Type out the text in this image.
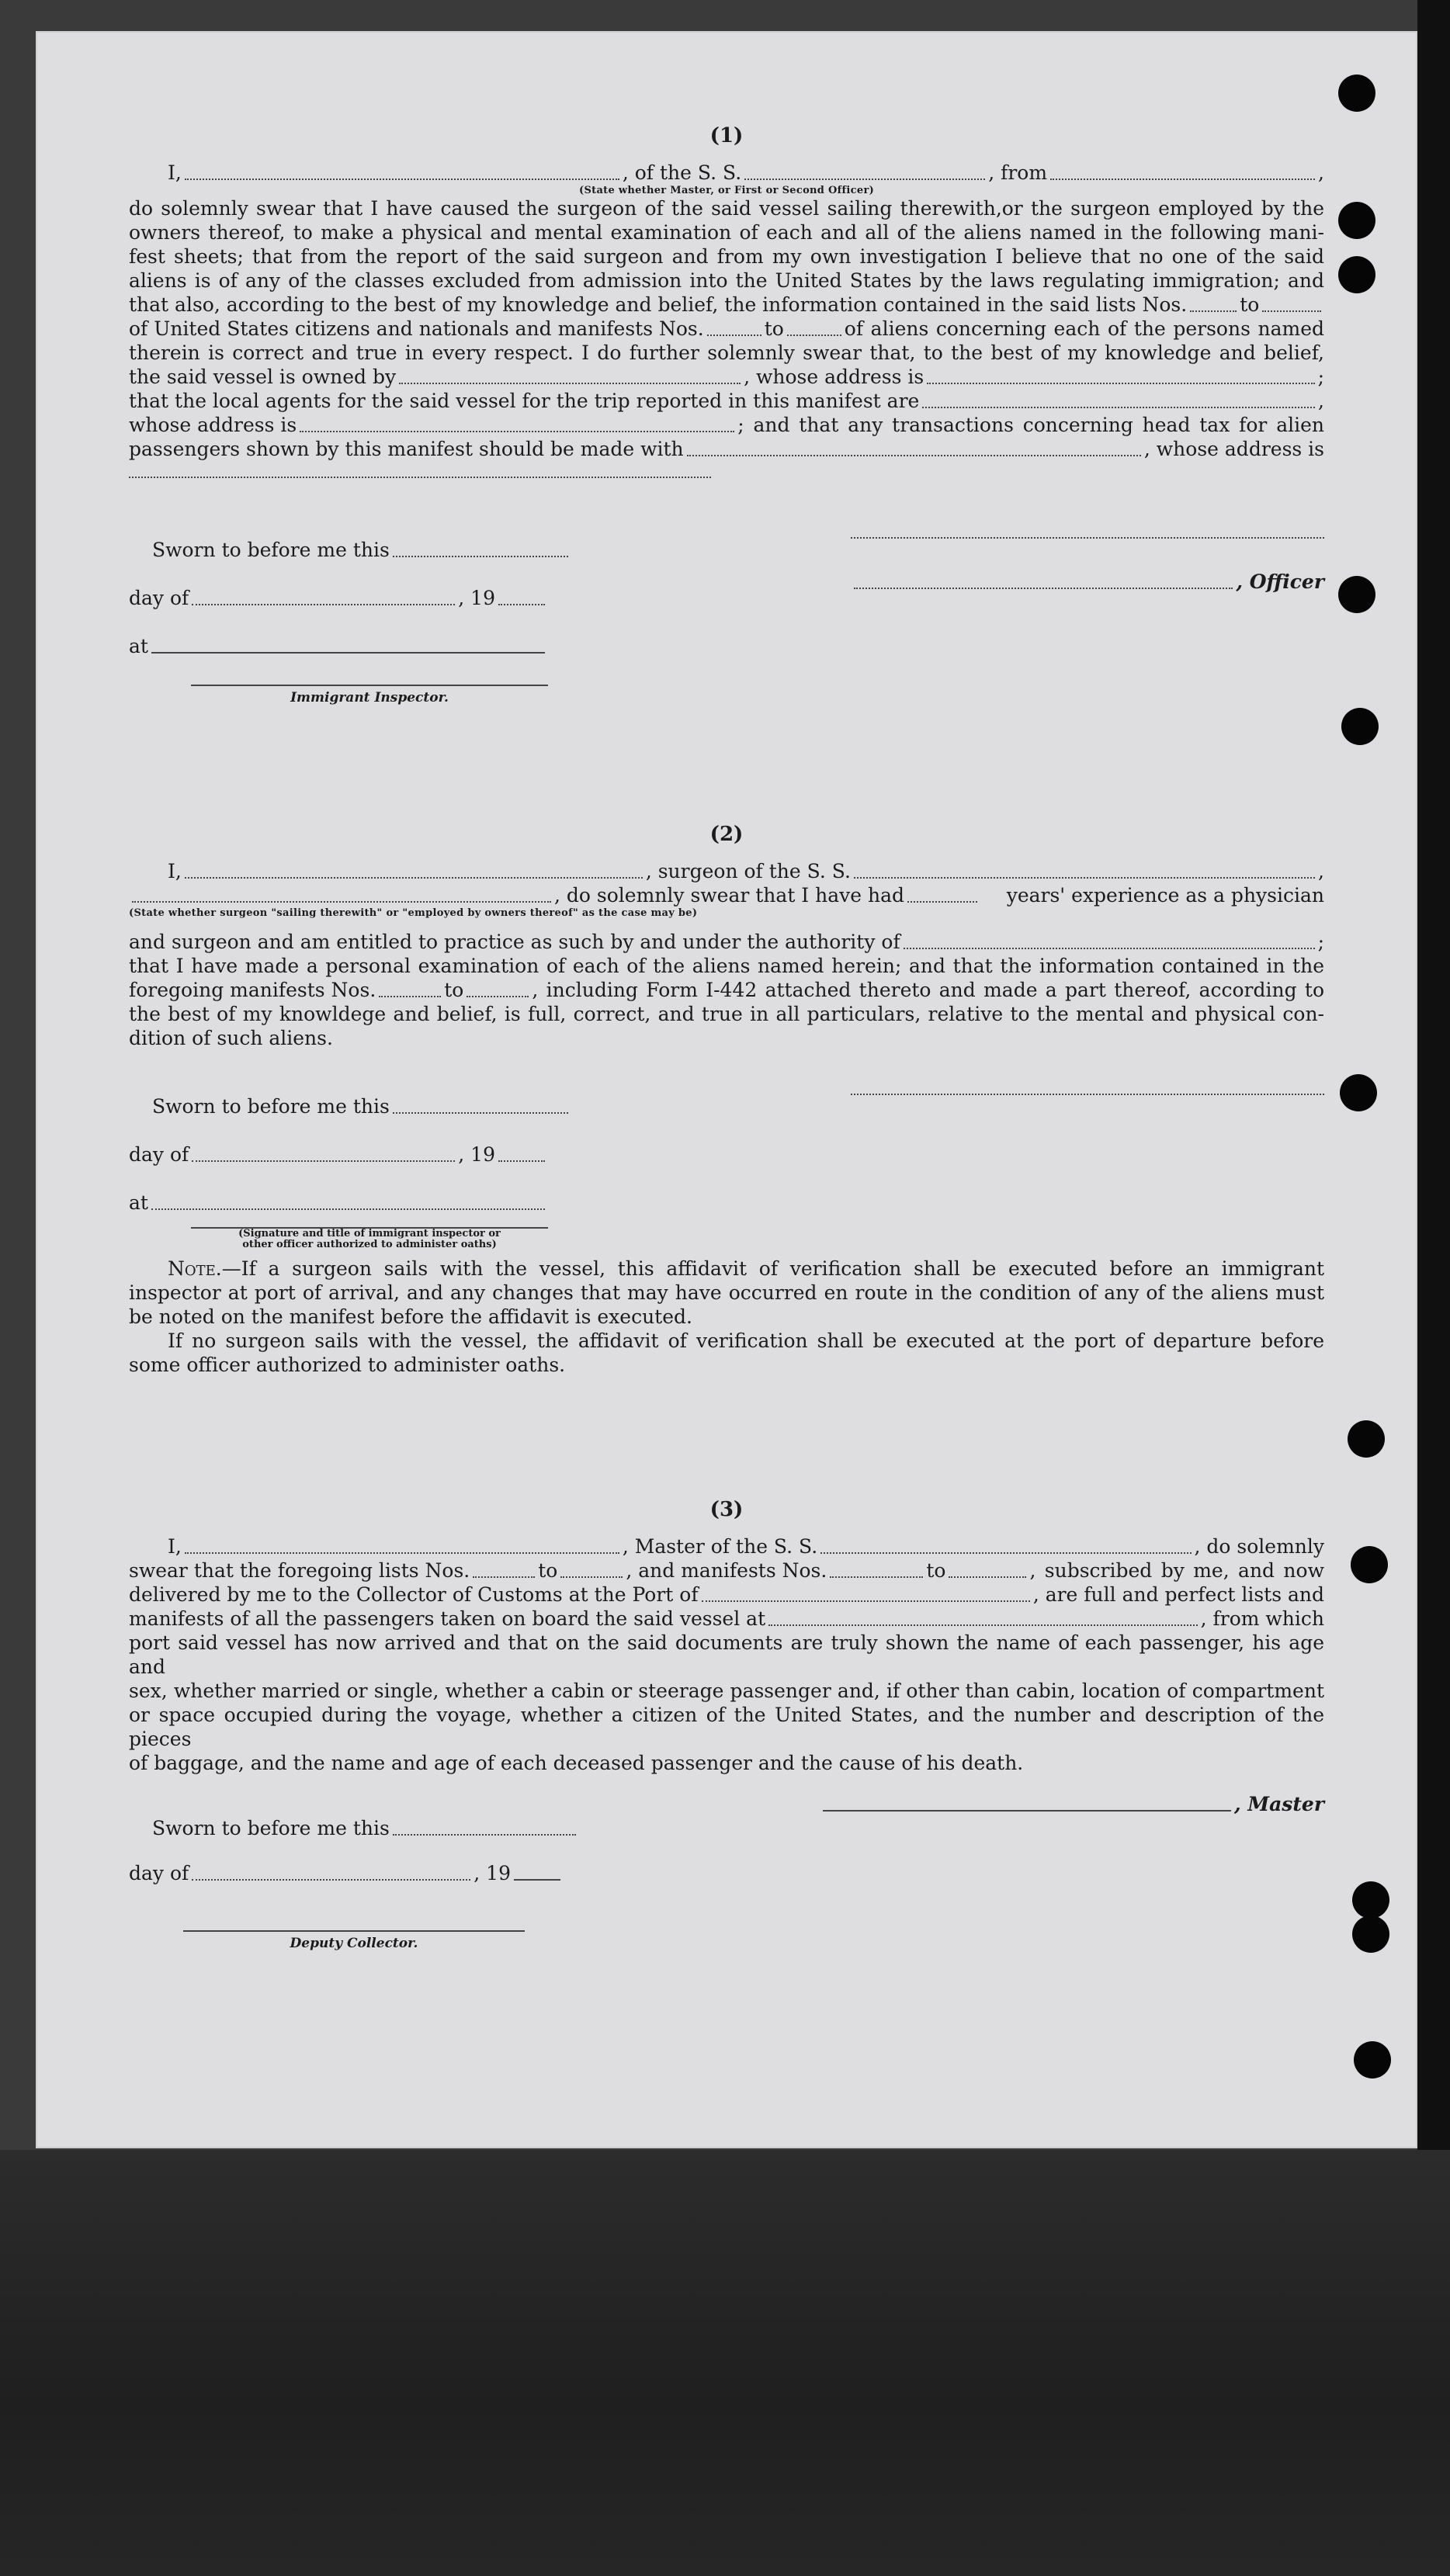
(1)
I,	, of the S. S.	, from	,
(State whether Master, or First or Second Officer)

do solemnly swear that I have caused the surgeon of the said vessel sailing therewith,or the surgeon employed by the

owners thereof, to make a physical and mental examination of each and all of the aliens named in the following mani-

fest sheets; that from the report of the said surgeon and from my own investigation I believe that no one of the said

aliens is of any of the classes excluded from admission into the United States by the laws regulating immigration; and

that also, according to the best of my knowledge and belief, the information contained in the said lists Nos.	to
of United States citizens and nationals and manifests Nos.	to	of aliens concerning each of the persons named

therein is correct and true in every respect. I do further solemnly swear that, to the best of my knowledge and belief,

the said vessel is owned by	, whose address is	;
that the local agents for the said vessel for the trip reported in this manifest are	,
whose address is	; and that any transactions concerning head tax for alien
passengers shown by this manifest should be made with	, whose address is
Sworn to before me this
day of	, 19
at
Immigrant Inspector.
, Officer
(2)
I,	, surgeon of the S. S.	,
, do solemnly swear that I have had	years' experience as a physician
(State whether surgeon "sailing therewith" or "employed by owners thereof" as the case may be)
and surgeon and am entitled to practice as such by and under the authority of	;

that I have made a personal examination of each of the aliens named herein; and that the information contained in the

foregoing manifests Nos.	to	, including Form I-442 attached thereto and made a part thereof, according to

the best of my knowldege and belief, is full, correct, and true in all particulars, relative to the mental and physical con-

dition of such aliens.

Sworn to before me this
day of	, 19
at
(Signature and title of immigrant inspector or
other officer authorized to administer oaths)

Note.—If a surgeon sails with the vessel, this affidavit of verification shall be executed before an immigrant

inspector at port of arrival, and any changes that may have occurred en route in the condition of any of the aliens must

be noted on the manifest before the affidavit is executed.

If no surgeon sails with the vessel, the affidavit of verification shall be executed at the port of departure before

some officer authorized to administer oaths.

(3)
I,	, Master of the S. S.	, do solemnly
swear that the foregoing lists Nos.	to	, and manifests Nos.	to	, subscribed by me, and now
delivered by me to the Collector of Customs at the Port of	, are full and perfect lists and
manifests of all the passengers taken on board the said vessel at	, from which

port said vessel has now arrived and that on the said documents are truly shown the name of each passenger, his age and

sex, whether married or single, whether a cabin or steerage passenger and, if other than cabin, location of compartment

or space occupied during the voyage, whether a citizen of the United States, and the number and description of the pieces

of baggage, and the name and age of each deceased passenger and the cause of his death.

Sworn to before me this
day of	, 19
Deputy Collector.
, Master
